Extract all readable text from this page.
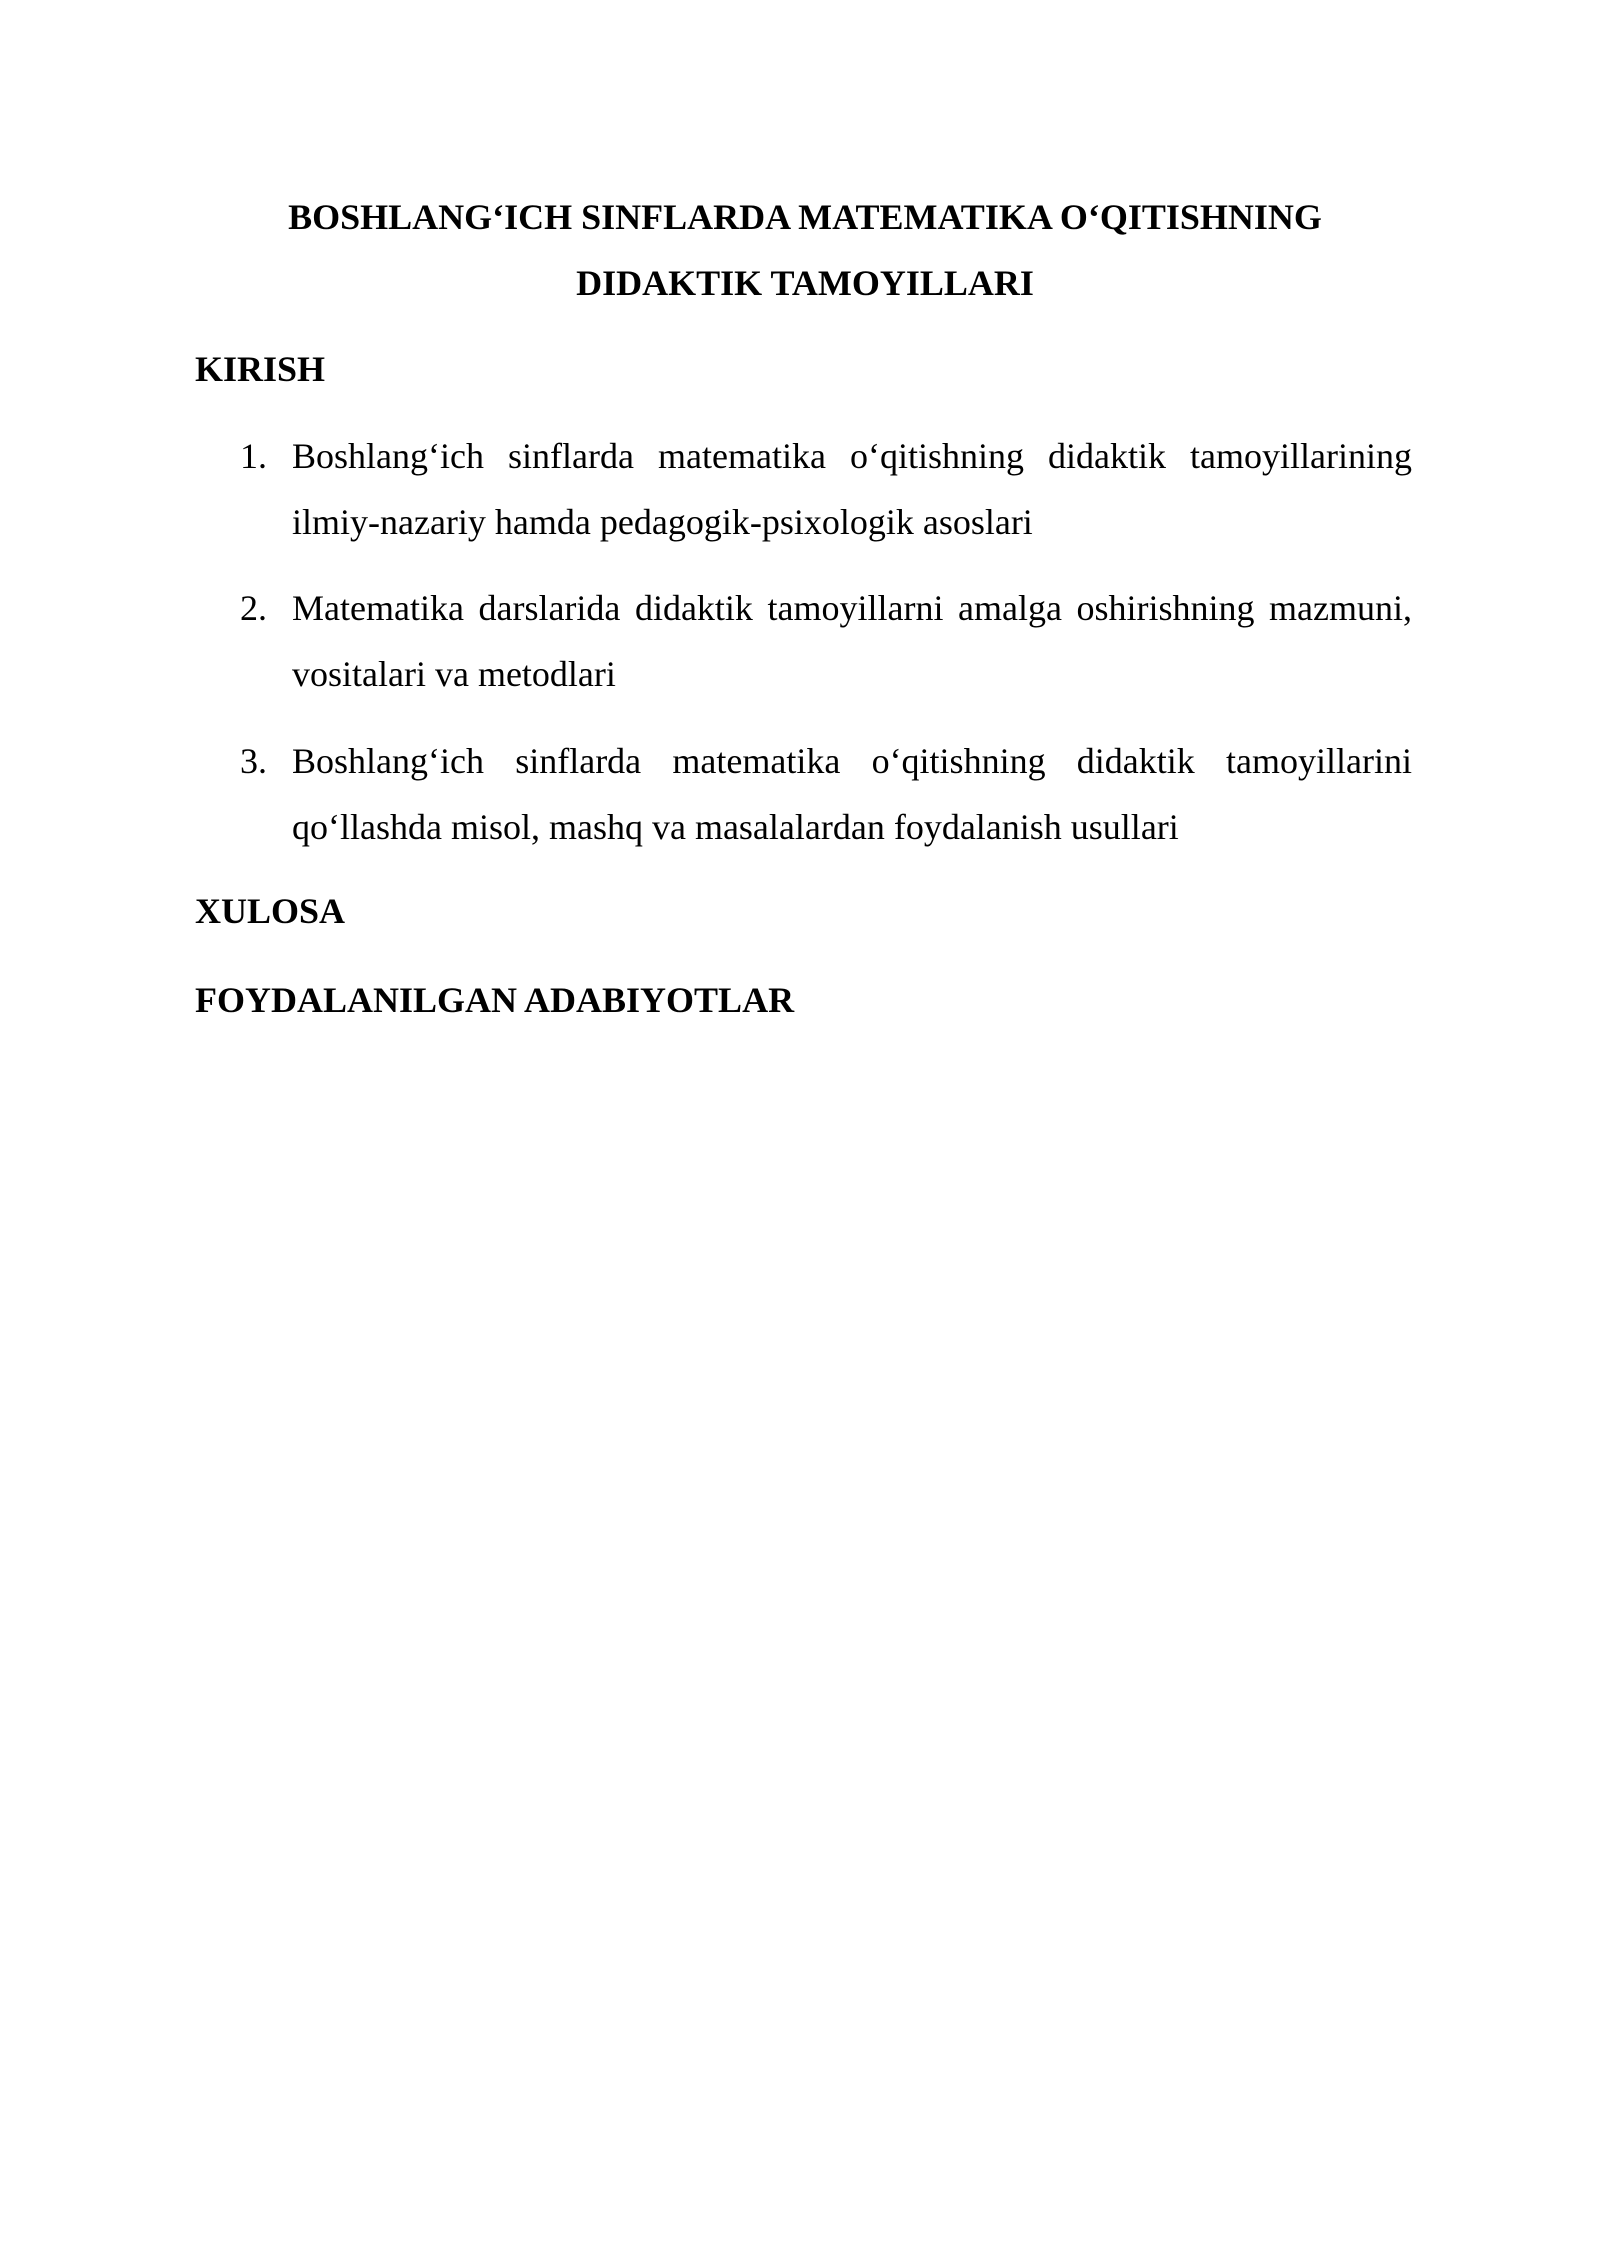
BOSHLANG‘ICH SINFLARDA MATEMATIKA O‘QITISHNING
DIDAKTIK TAMOYILLARI
KIRISH
1. Boshlang‘ich sinflarda matematika o‘qitishning didaktik tamoyillarining ilmiy-nazariy hamda pedagogik-psixologik asoslari
2. Matematika darslarida didaktik tamoyillarni amalga oshirishning mazmuni, vositalari va metodlari
3. Boshlang‘ich sinflarda matematika o‘qitishning didaktik tamoyillarini qo‘llashda misol, mashq va masalalardan foydalanish usullari
XULOSA
FOYDALANILGAN ADABIYOTLAR
